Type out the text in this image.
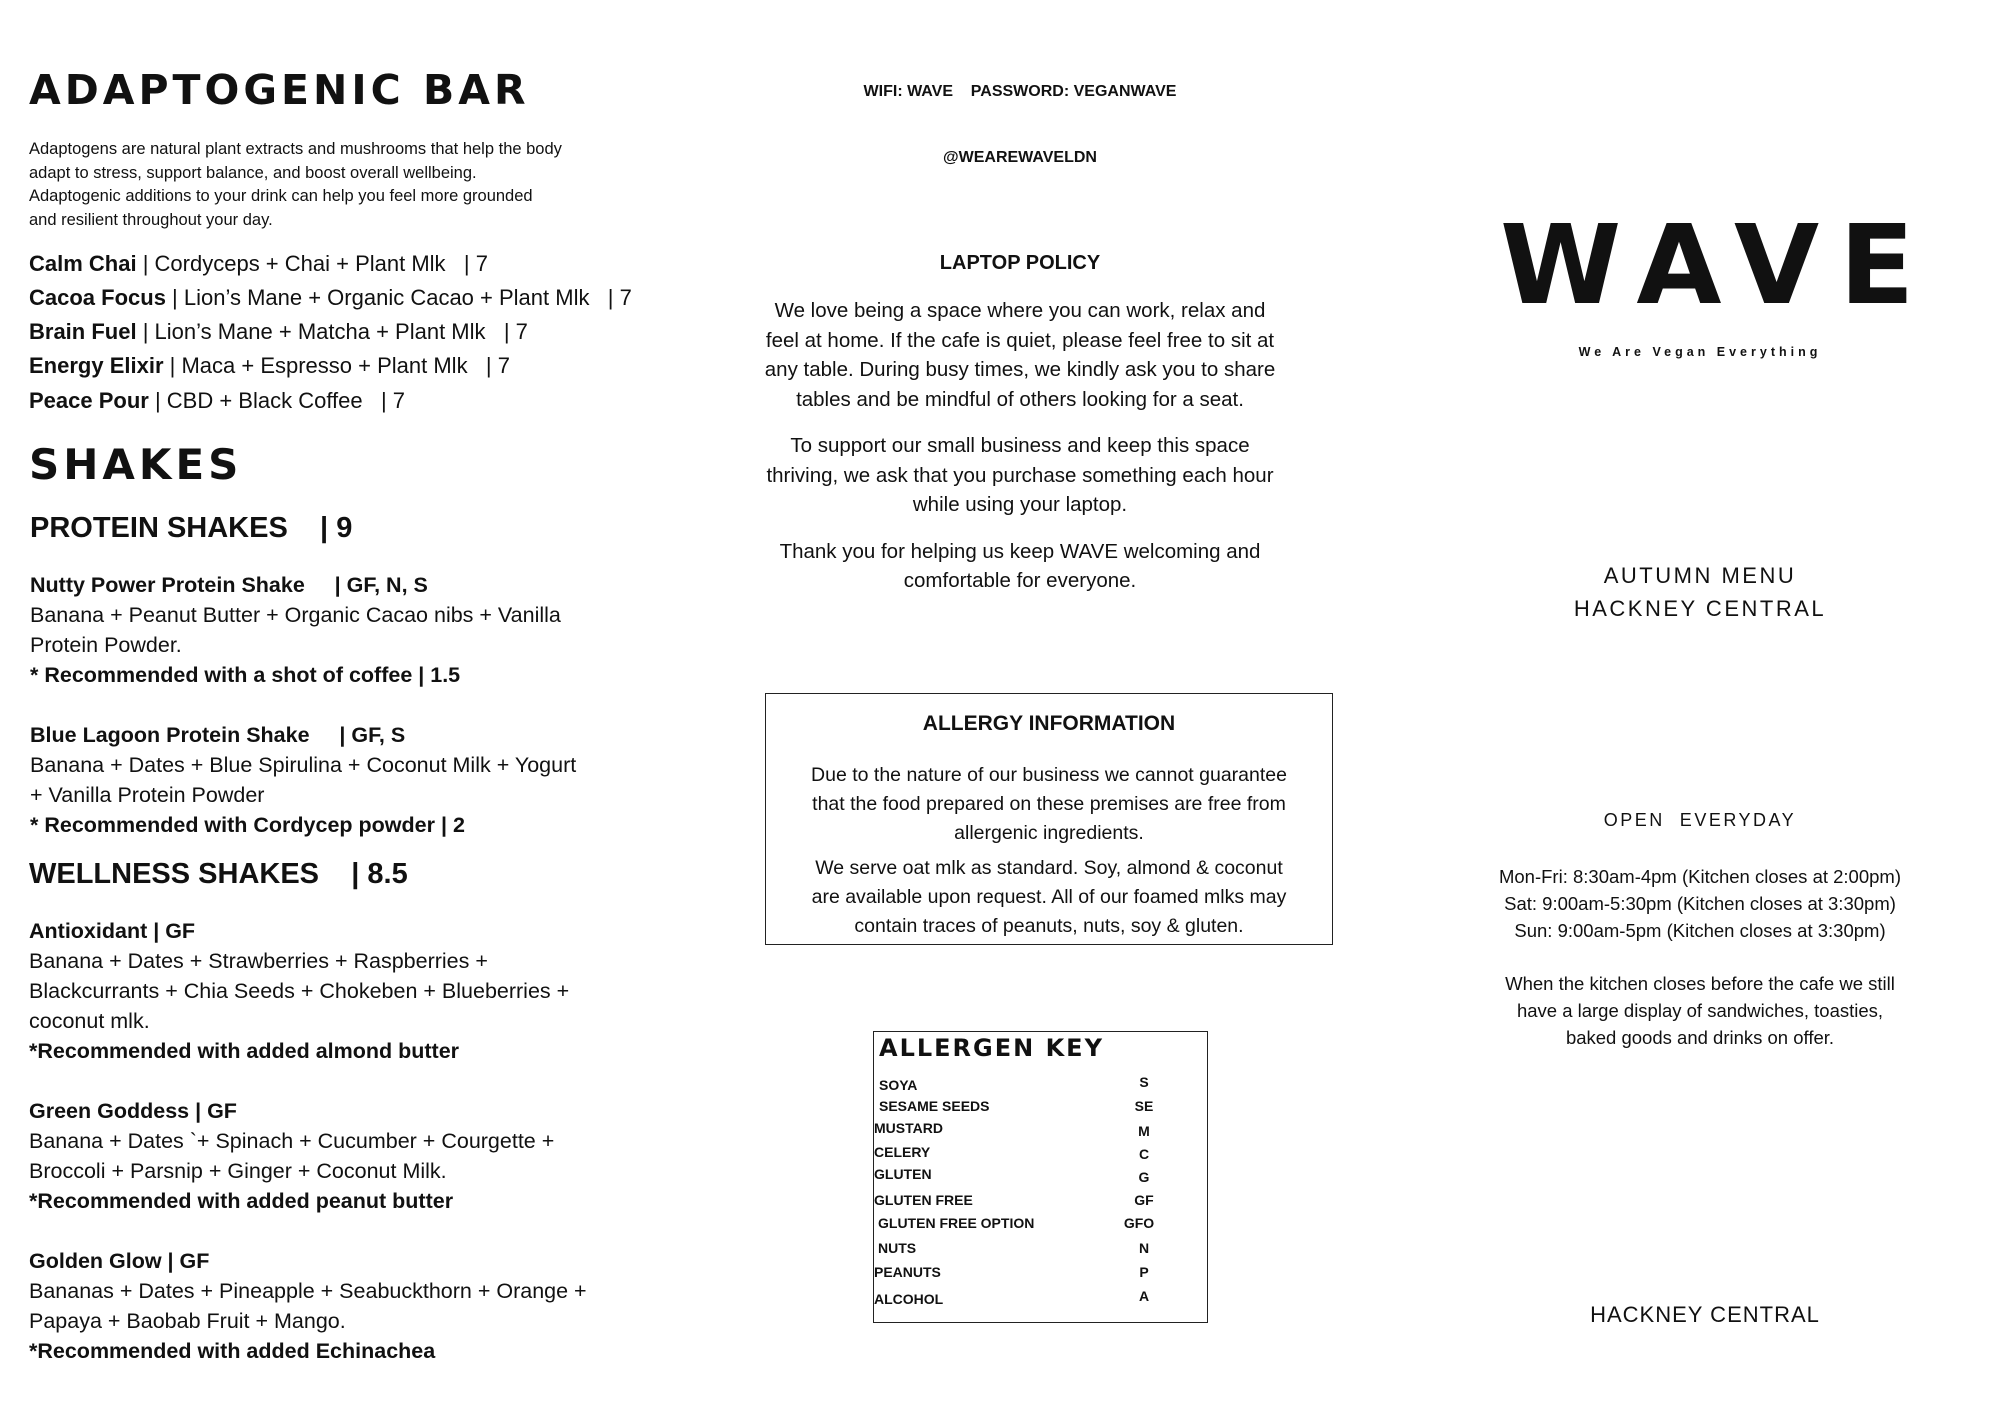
ADAPTOGENIC BAR
Adaptogens are natural plant extracts and mushrooms that help the body
adapt to stress, support balance, and boost overall wellbeing.
Adaptogenic additions to your drink can help you feel more grounded
and resilient throughout your day.
Calm Chai | Cordyceps + Chai + Plant Mlk   | 7
Cacoa Focus | Lion’s Mane + Organic Cacao + Plant Mlk   | 7
Brain Fuel | Lion’s Mane + Matcha + Plant Mlk   | 7
Energy Elixir | Maca + Espresso + Plant Mlk   | 7
Peace Pour | CBD + Black Coffee   | 7
SHAKES
PROTEIN SHAKES    | 9
Nutty Power Protein Shake     | GF, N, S
Banana + Peanut Butter + Organic Cacao nibs + Vanilla
Protein Powder.
* Recommended with a shot of coffee | 1.5
Blue Lagoon Protein Shake     | GF, S
Banana + Dates + Blue Spirulina + Coconut Milk + Yogurt
+ Vanilla Protein Powder
* Recommended with Cordycep powder | 2
WELLNESS SHAKES    | 8.5
Antioxidant | GF
Banana + Dates + Strawberries + Raspberries +
Blackcurrants + Chia Seeds + Chokeben + Blueberries +
coconut mlk.
*Recommended with added almond butter
Green Goddess | GF
Banana + Dates `+ Spinach + Cucumber + Courgette +
Broccoli + Parsnip + Ginger + Coconut Milk.
*Recommended with added peanut butter
Golden Glow | GF
Bananas + Dates + Pineapple + Seabuckthorn + Orange +
Papaya + Baobab Fruit + Mango.
*Recommended with added Echinachea
WIFI: WAVE    PASSWORD: VEGANWAVE
@WEAREWAVELDN
LAPTOP POLICY
We love being a space where you can work, relax and
feel at home. If the cafe is quiet, please feel free to sit at
any table. During busy times, we kindly ask you to share
tables and be mindful of others looking for a seat.
To support our small business and keep this space
thriving, we ask that you purchase something each hour
while using your laptop.
Thank you for helping us keep WAVE welcoming and
comfortable for everyone.
ALLERGY INFORMATION
Due to the nature of our business we cannot guarantee
that the food prepared on these premises are free from
allergenic ingredients.
We serve oat mlk as standard. Soy, almond & coconut
are available upon request. All of our foamed mlks may
contain traces of peanuts, nuts, soy & gluten.
ALLERGEN KEY
SOYA	S
SESAME SEEDS	SE
MUSTARD	M
CELERY	C
GLUTEN	G
GLUTEN FREE	GF
GLUTEN FREE OPTION	GFO
NUTS	N
PEANUTS	P
ALCOHOL	A
WAVE
We Are Vegan Everything
AUTUMN MENU
HACKNEY CENTRAL
OPEN  EVERYDAY
Mon-Fri: 8:30am-4pm (Kitchen closes at 2:00pm)
Sat: 9:00am-5:30pm (Kitchen closes at 3:30pm)
Sun: 9:00am-5pm (Kitchen closes at 3:30pm)
When the kitchen closes before the cafe we still
have a large display of sandwiches, toasties,
baked goods and drinks on offer.
HACKNEY CENTRAL
